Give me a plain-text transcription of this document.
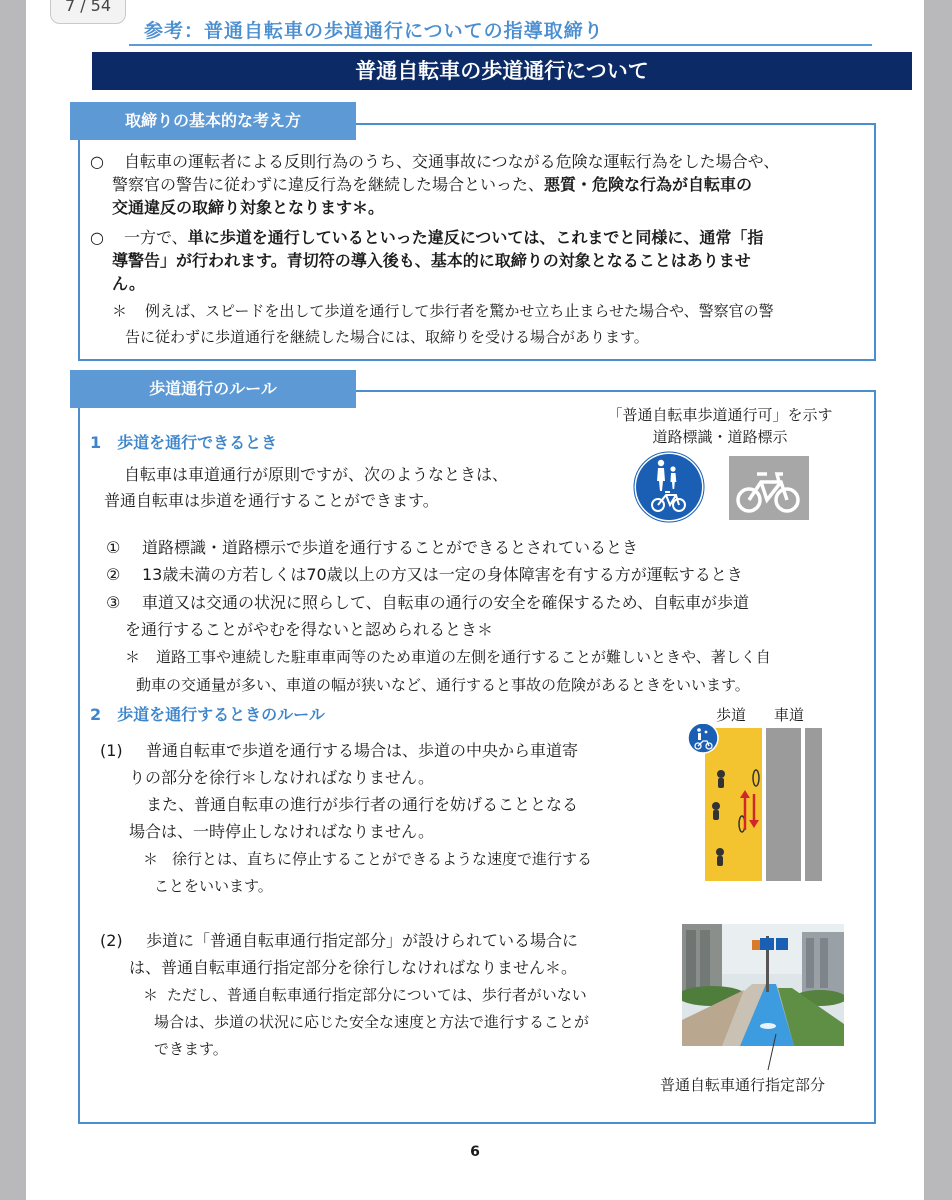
7 / 54
参考：普通自転車の歩道通行についての指導取締り
普通自転車の歩道通行について
取締りの基本的な考え方
○ 自転車の運転者による反則行為のうち、交通事故につながる危険な運転行為をした場合や、
警察官の警告に従わずに違反行為を継続した場合といった、悪質・危険な行為が自転車の
交通違反の取締り対象となります＊。
○ 一方で、単に歩道を通行しているといった違反については、これまでと同様に、通常「指
導警告」が行われます。青切符の導入後も、基本的に取締りの対象となることはありませ
ん。
＊ 例えば、スピードを出して歩道を通行して歩行者を驚かせ立ち止まらせた場合や、警察官の警
告に従わずに歩道通行を継続した場合には、取締りを受ける場合があります。
歩道通行のルール
「普通自転車歩道通行可」を示す
道路標識・道路標示
1　歩道を通行できるとき
自転車は車道通行が原則ですが、次のようなときは、
普通自転車は歩道を通行することができます。
① 道路標識・道路標示で歩道を通行することができるとされているとき
② 13歳未満の方若しくは70歳以上の方又は一定の身体障害を有する方が運転するとき
③ 車道又は交通の状況に照らして、自転車の通行の安全を確保するため、自転車が歩道
を通行することがやむを得ないと認められるとき＊
＊ 道路工事や連続した駐車車両等のため車道の左側を通行することが難しいときや、著しく自
動車の交通量が多い、車道の幅が狭いなど、通行すると事故の危険があるときをいいます。
2　歩道を通行するときのルール	歩道 車道
(1) 普通自転車で歩道を通行する場合は、歩道の中央から車道寄
りの部分を徐行＊しなければなりません。
また、普通自転車の進行が歩行者の通行を妨げることとなる
場合は、一時停止しなければなりません。
＊ 徐行とは、直ちに停止することができるような速度で進行する
ことをいいます。
(2) 歩道に「普通自転車通行指定部分」が設けられている場合に
は、普通自転車通行指定部分を徐行しなければなりません＊。
＊ ただし、普通自転車通行指定部分については、歩行者がいない
場合は、歩道の状況に応じた安全な速度と方法で進行することが
できます。
普通自転車通行指定部分
6
